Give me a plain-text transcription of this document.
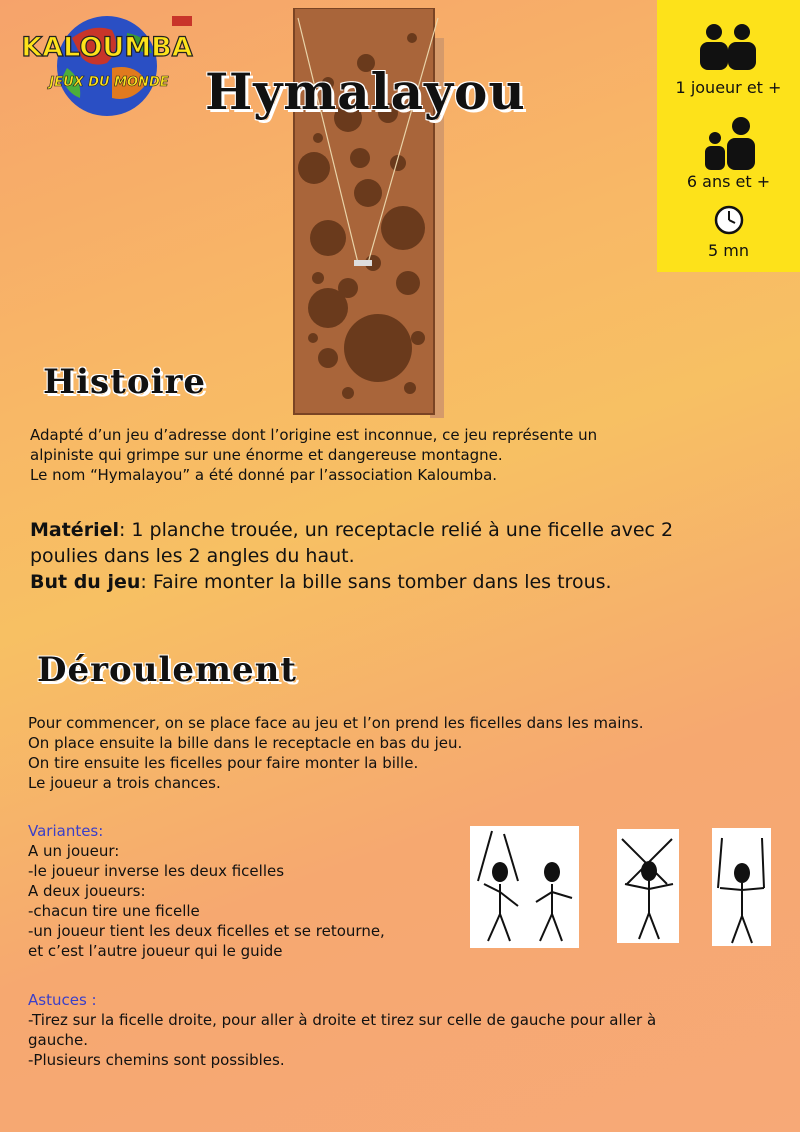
KALOUMBA
JEUX DU MONDE Hymalayou	1 joueur et +
6 ans et +
5 mn
Histoire
Adapté d’un jeu d’adresse dont l’origine est inconnue, ce jeu représente un
alpiniste qui grimpe sur une énorme et dangereuse montagne.
Le nom “Hymalayou” a été donné par l’association Kaloumba.
Matériel: 1 planche trouée, un receptacle relié à une ficelle avec 2
poulies dans les 2 angles du haut.
But du jeu: Faire monter la bille sans tomber dans les trous.
Déroulement
Pour commencer, on se place face au jeu et l’on prend les ficelles dans les mains.
On place ensuite la bille dans le receptacle en bas du jeu.
On tire ensuite les ficelles pour faire monter la bille.
Le joueur a trois chances.
Variantes:
A un joueur:
-le joueur inverse les deux ficelles
A deux joueurs:
-chacun tire une ficelle
-un joueur tient les deux ficelles et se retourne,
et c’est l’autre joueur qui le guide
Astuces :
-Tirez sur la ficelle droite, pour aller à droite et tirez sur celle de gauche pour aller à
gauche.
-Plusieurs chemins sont possibles.
